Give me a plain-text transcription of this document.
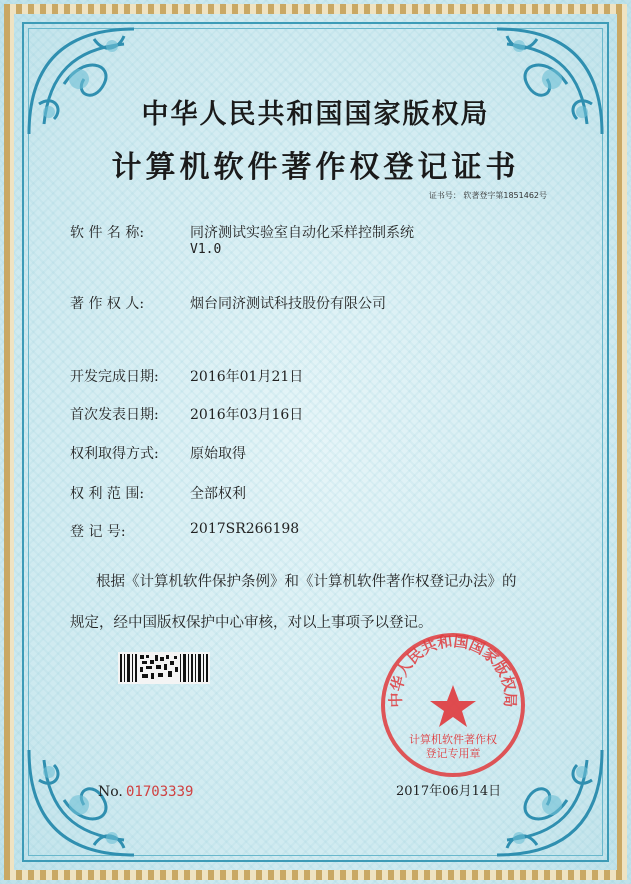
中华人民共和国国家版权局
计算机软件著作权登记证书
证书号： 软著登字第1851462号
软 件 名 称:	同济测试实验室自动化采样控制系统
V1.0
著 作 权 人:	烟台同济测试科技股份有限公司
开发完成日期: 2016年01月21日
首次发表日期: 2016年03月16日
权利取得方式: 原始取得
权 利 范 围:	全部权利
登 记 号:	2017SR266198
根据《计算机软件保护条例》和《计算机软件著作权登记办法》的
规定，经中国版权保护中心审核，对以上事项予以登记。
中华人民共和国国家版权局
计算机软件著作权
登记专用章
No. 01703339	2017年06月14日
